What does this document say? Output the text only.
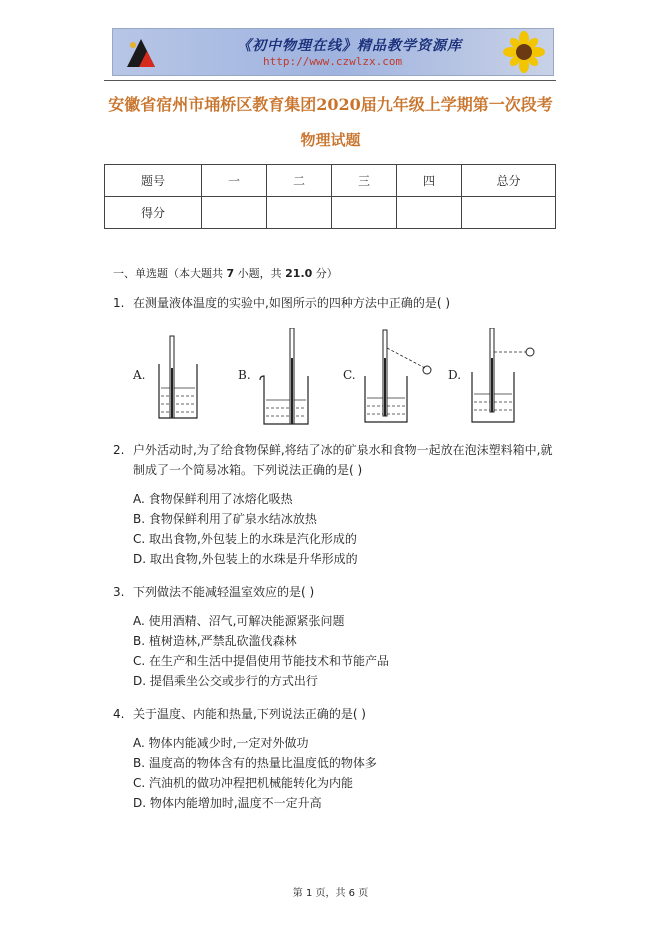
《初中物理在线》精品教学资源库
http://www.czwlzx.com
安徽省宿州市埇桥区教育集团2020届九年级上学期第一次段考
物理试题
题号	一	二	三	四	总分
得分					
一、单选题（本大题共 7 小题，共 21.0 分）
1. 在测量液体温度的实验中,如图所示的四种方法中正确的是( )
A.	B.	C.	D.
2. 户外活动时,为了给食物保鲜,将结了冰的矿泉水和食物一起放在泡沫塑料箱中,就制成了一个简易冰箱。下列说法正确的是( )
A. 食物保鲜利用了冰熔化吸热
B. 食物保鲜利用了矿泉水结冰放热
C. 取出食物,外包装上的水珠是汽化形成的
D. 取出食物,外包装上的水珠是升华形成的
3. 下列做法不能减轻温室效应的是( )
A. 使用酒精、沼气,可解决能源紧张问题
B. 植树造林,严禁乱砍滥伐森林
C. 在生产和生活中提倡使用节能技术和节能产品
D. 提倡乘坐公交或步行的方式出行
4. 关于温度、内能和热量,下列说法正确的是( )
A. 物体内能减少时,一定对外做功
B. 温度高的物体含有的热量比温度低的物体多
C. 汽油机的做功冲程把机械能转化为内能
D. 物体内能增加时,温度不一定升高
第 1 页，共 6 页
